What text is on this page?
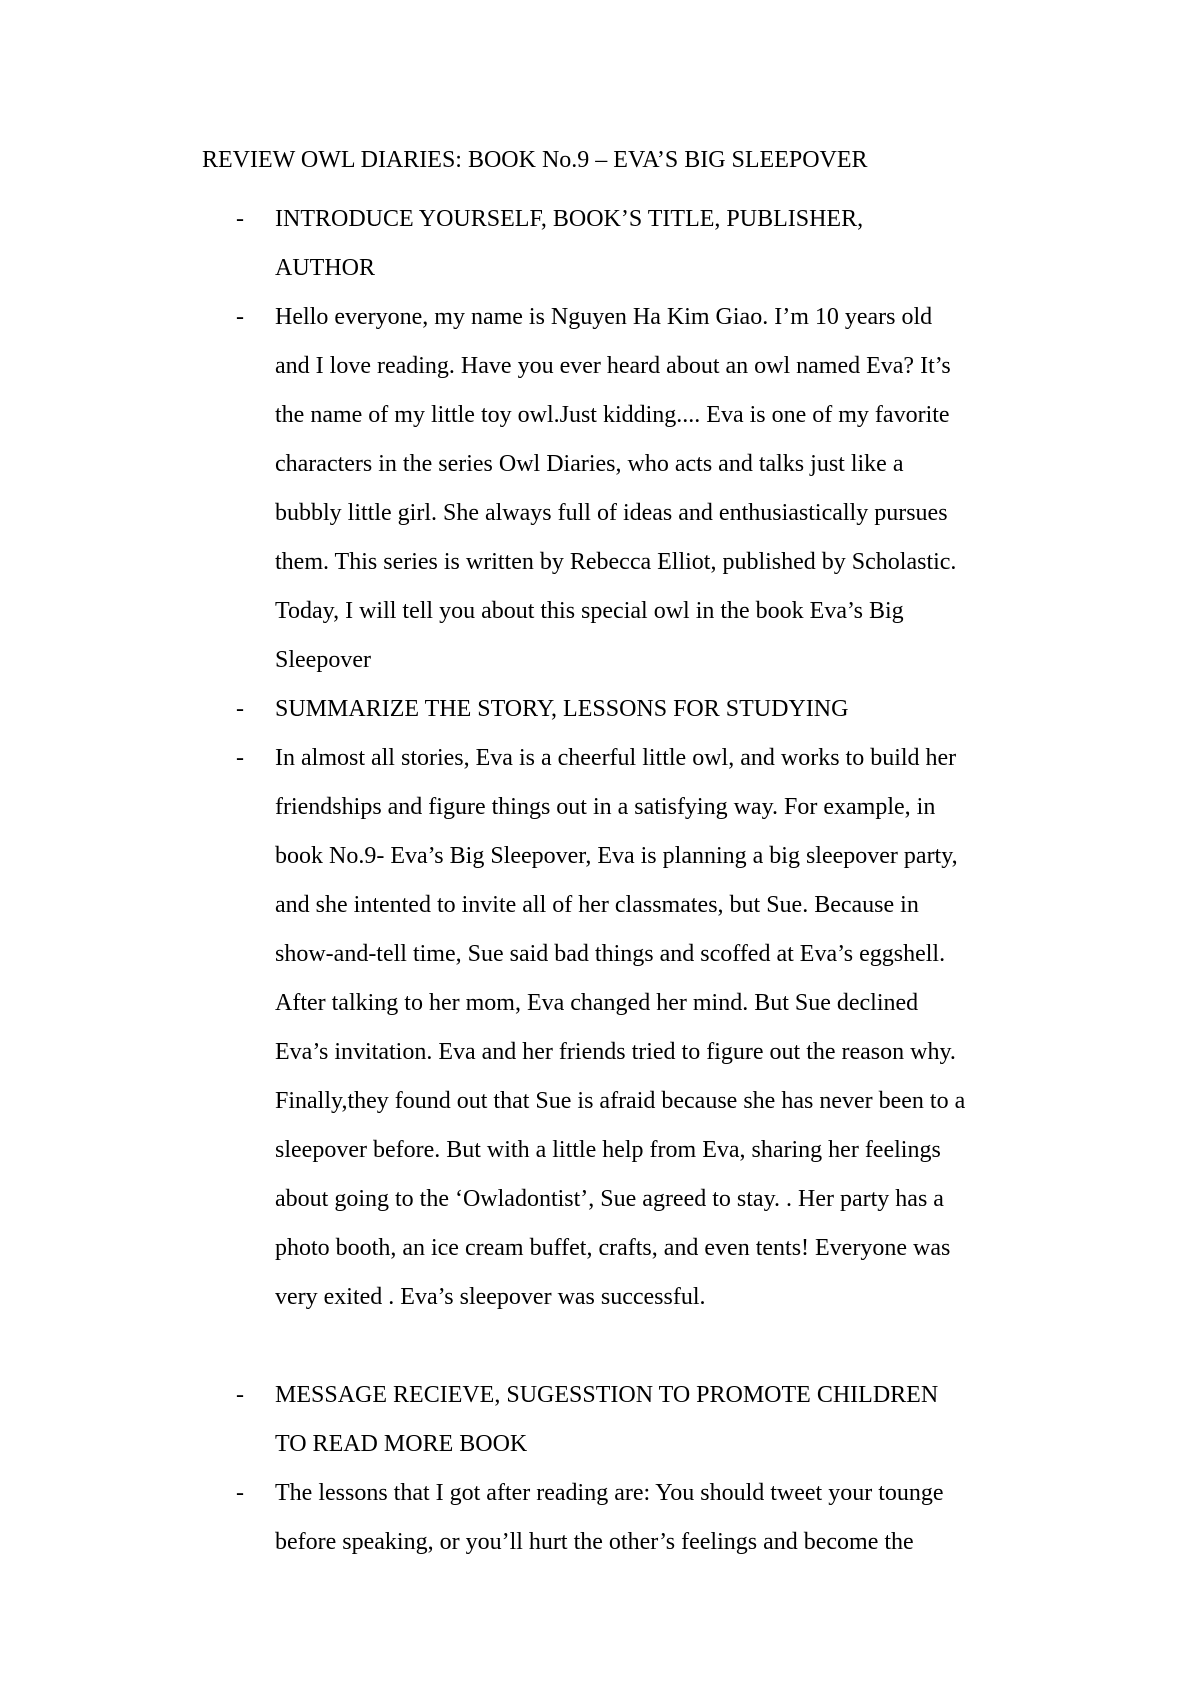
REVIEW OWL DIARIES: BOOK No.9 – EVA’S BIG SLEEPOVER
- INTRODUCE YOURSELF, BOOK’S TITLE, PUBLISHER,
AUTHOR
- Hello everyone, my name is Nguyen Ha Kim Giao. I’m 10 years old
and I love reading. Have you ever heard about an owl named Eva? It’s
the name of my little toy owl.Just kidding.... Eva is one of my favorite
characters in the series Owl Diaries, who acts and talks just like a
bubbly little girl. She always full of ideas and enthusiastically pursues
them. This series is written by Rebecca Elliot, published by Scholastic.
Today, I will tell you about this special owl in the book Eva’s Big
Sleepover
- SUMMARIZE THE STORY, LESSONS FOR STUDYING
- In almost all stories, Eva is a cheerful little owl, and works to build her
friendships and figure things out in a satisfying way. For example, in
book No.9- Eva’s Big Sleepover, Eva is planning a big sleepover party,
and she intented to invite all of her classmates, but Sue. Because in
show-and-tell time, Sue said bad things and scoffed at Eva’s eggshell.
After talking to her mom, Eva changed her mind. But Sue declined
Eva’s invitation. Eva and her friends tried to figure out the reason why.
Finally,they found out that Sue is afraid because she has never been to a
sleepover before. But with a little help from Eva, sharing her feelings
about going to the ‘Owladontist’, Sue agreed to stay. . Her party has a
photo booth, an ice cream buffet, crafts, and even tents! Everyone was
very exited . Eva’s sleepover was successful.
- MESSAGE RECIEVE, SUGESSTION TO PROMOTE CHILDREN
TO READ MORE BOOK
- The lessons that I got after reading are: You should tweet your tounge
before speaking, or you’ll hurt the other’s feelings and become the
